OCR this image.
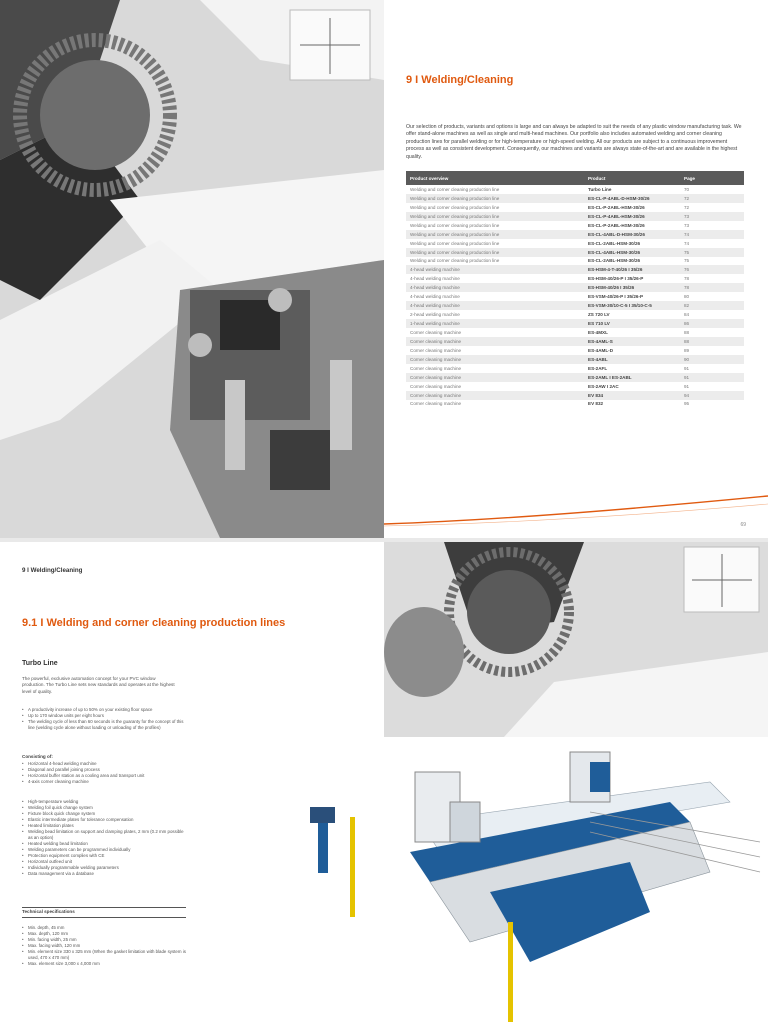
9 I Welding/Cleaning

Our selection of products, variants and options is large and can always be adapted to suit the needs of any plastic window manufacturing task. We offer stand-alone machines as well as single and multi-head machines. Our portfolio also includes automated welding and corner cleaning production lines for parallel welding or for high-temperature or high-speed welding. All our products are subject to a continuous improvement process as well as consistent development. Consequently, our machines and variants are always state-of-the-art and are available in the highest quality.

Product overview	Product	Page
Welding and corner cleaning production line	Turbo Line	70
Welding and corner cleaning production line	ES-CL-P-4ABL-D-HSM-30/26	72
Welding and corner cleaning production line	ES-CL-P-2ABL-HSM-30/26	72
Welding and corner cleaning production line	ES-CL-P-4ABL-HSM-30/26	73
Welding and corner cleaning production line	ES-CL-P-2ABL-HSM-30/26	73
Welding and corner cleaning production line	ES-CL-4ABL-D-HSM-30/26	74
Welding and corner cleaning production line	ES-CL-2ABL-HSM-30/26	74
Welding and corner cleaning production line	ES-CL-4ABL-HSM-30/26	75
Welding and corner cleaning production line	ES-CL-2ABL-HSM-30/26	75
4-head welding machine	ES-HSM-4-T-40/26 I 35/26	76
4-head welding machine	ES-HSM-40/26-P I 35/26-P	78
4-head welding machine	ES-HSM-40/26 I 35/26	78
4-head welding machine	ES-VSM-40/26-P I 35/26-P	80
4-head welding machine	ES-VSM-30/10-C-5 I 35/10-C-5	82
2-head welding machine	ZS 720 LV	84
1-head welding machine	ES 710 LV	86
Corner cleaning machine	ES-4MXL	88
Corner cleaning machine	ES-4AML-S	88
Corner cleaning machine	ES-4AML-D	89
Corner cleaning machine	ES-4ABL	90
Corner cleaning machine	ES-2AFL	91
Corner cleaning machine	ES-2AML I ES-2ABL	91
Corner cleaning machine	ES-2AW I 2AC	91
Corner cleaning machine	EV 834	94
Corner cleaning machine	EV 832	95
69
9 I Welding/Cleaning
9.1 I Welding and corner cleaning production lines
Turbo Line

The powerful, exclusive automation concept for your PVC window production. The Turbo Line sets new standards and operates at the highest level of quality.

• A productivity increase of up to 50% on your existing floor space
• Up to 170 window units per eight hours
• The welding cycle of less than 60 seconds is the guaranty for the concept of this line (welding cycle alone without loading or unloading of the profiles)
Consisting of:
• Horizontal 4-head welding machine
• Diagonal and parallel joining process
• Horizontal buffer station as a cooling area and transport unit
• 4-axis corner cleaning machine
• High-temperature welding
• Welding foil quick change system
• Fixture block quick change system
• Elastic intermediate plates for tolerance compensation
• Heated limitation plates
• Welding bead limitation on support and clamping plates, 2 mm (0.2 mm possible as an option)
• Heated welding bead limitation
• Welding parameters can be programmed individually
• Protection equipment complies with CE
• Horizontal outfeed unit
• Individually programmable welding parameters
• Data management via a database
Technical specifications
• Min. depth, 45 mm
• Max. depth, 120 mm
• Min. facing width, 25 mm
• Max. facing width, 120 mm
• Min. element size 330 x 325 mm (When the gasket limitation with blade system is used, 470 x 470 mm)
• Max. element size 3,000 x 4,000 mm
